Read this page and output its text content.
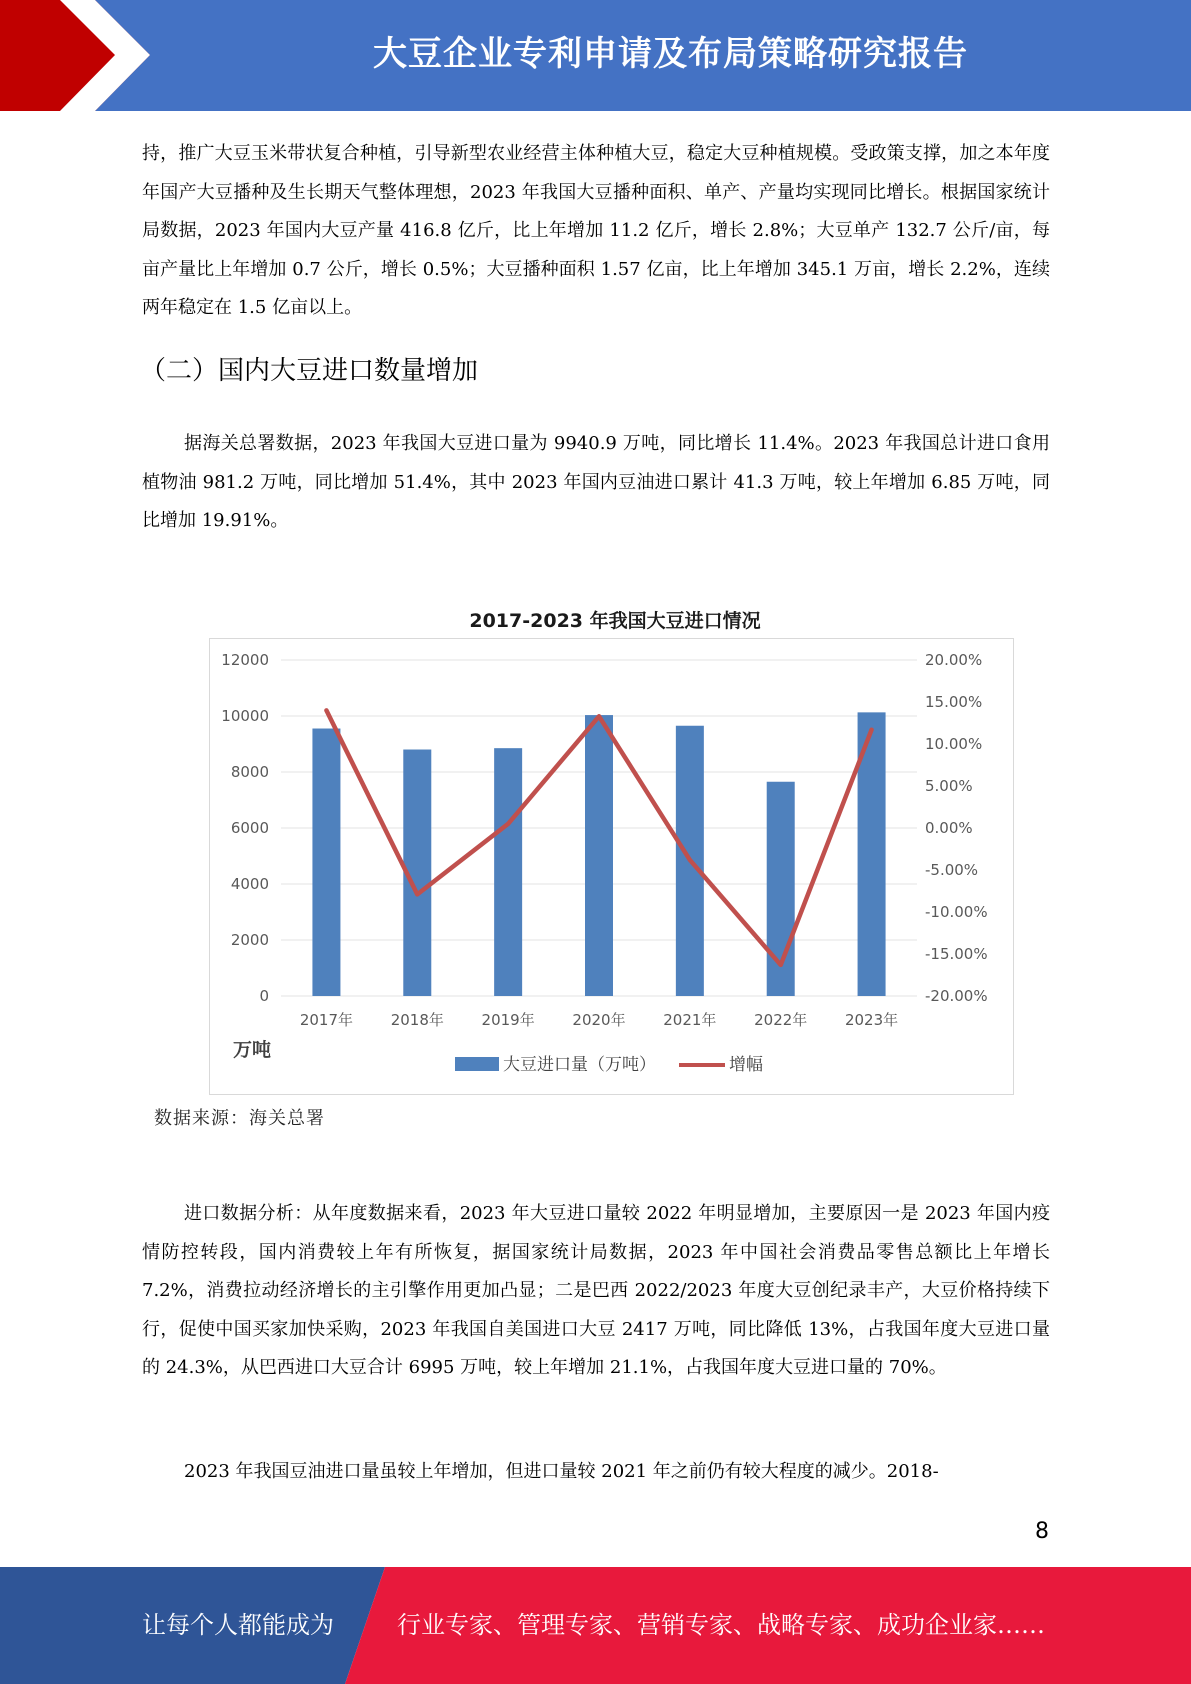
大豆企业专利申请及布局策略研究报告

持，推广大豆玉米带状复合种植，引导新型农业经营主体种植大豆，稳定大豆种植规模。受政策支撑，加之本年度年国产大豆播种及生长期天气整体理想，2023 年我国大豆播种面积、单产、产量均实现同比增长。根据国家统计局数据，2023 年国内大豆产量 416.8 亿斤，比上年增加 11.2 亿斤，增长 2.8%；大豆单产 132.7 公斤/亩，每亩产量比上年增加 0.7 公斤，增长 0.5%；大豆播种面积 1.57 亿亩，比上年增加 345.1 万亩，增长 2.2%，连续两年稳定在 1.5 亿亩以上。

（二）国内大豆进口数量增加

据海关总署数据，2023 年我国大豆进口量为 9940.9 万吨，同比增长 11.4%。2023 年我国总计进口食用植物油 981.2 万吨，同比增加 51.4%，其中 2023 年国内豆油进口累计 41.3 万吨，较上年增加 6.85 万吨，同比增加 19.91%。

2017-2023 年我国大豆进口情况
0
2000
4000
6000
8000
10000
12000
-20.00%
-15.00%
-10.00%
-5.00%
0.00%
5.00%
10.00%
15.00%
20.00%
2017年	2018年	2019年	2020年	2021年	2022年	2023年
万吨
大豆进口量（万吨）	增幅
数据来源：海关总署

进口数据分析：从年度数据来看，2023 年大豆进口量较 2022 年明显增加，主要原因一是 2023 年国内疫情防控转段，国内消费较上年有所恢复，据国家统计局数据，2023 年中国社会消费品零售总额比上年增长 7.2%，消费拉动经济增长的主引擎作用更加凸显；二是巴西 2022/2023 年度大豆创纪录丰产，大豆价格持续下行，促使中国买家加快采购，2023 年我国自美国进口大豆 2417 万吨，同比降低 13%，占我国年度大豆进口量的 24.3%，从巴西进口大豆合计 6995 万吨，较上年增加 21.1%，占我国年度大豆进口量的 70%。

2023 年我国豆油进口量虽较上年增加，但进口量较 2021 年之前仍有较大程度的减少。2018-

8
让每个人都能成为	行业专家、管理专家、营销专家、战略专家、成功企业家……
